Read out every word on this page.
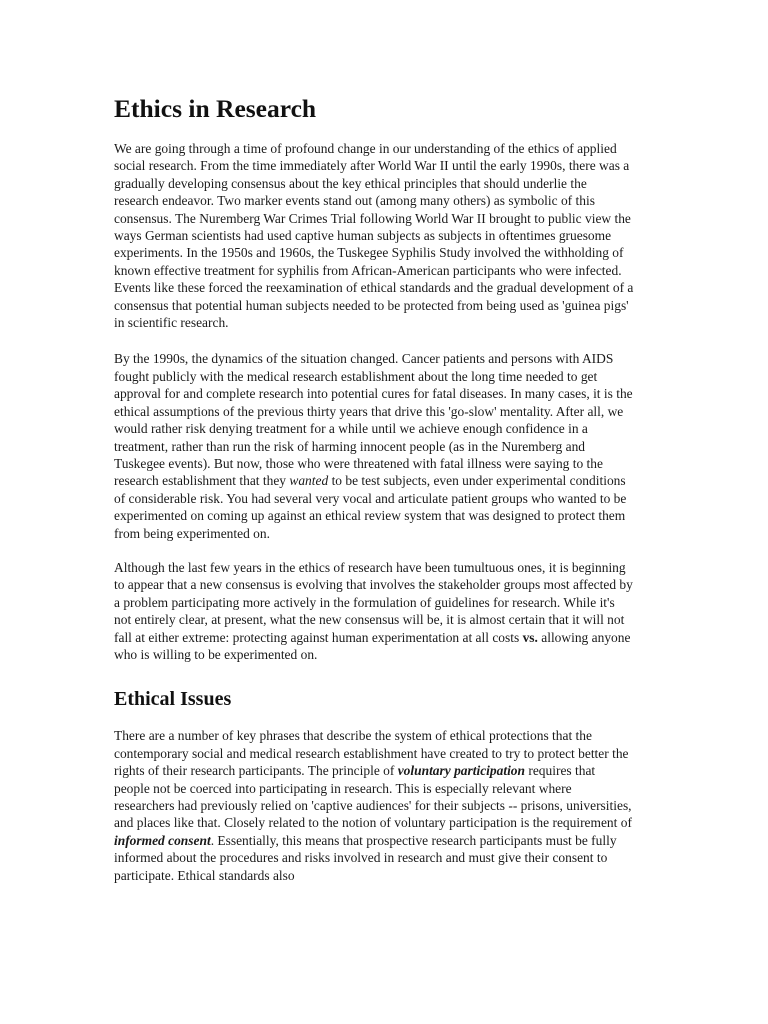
Ethics in Research

We are going through a time of profound change in our understanding of the ethics of applied social research. From the time immediately after World War II until the early 1990s, there was a gradually developing consensus about the key ethical principles that should underlie the research endeavor. Two marker events stand out (among many others) as symbolic of this consensus. The Nuremberg War Crimes Trial following World War II brought to public view the ways German scientists had used captive human subjects as subjects in oftentimes gruesome experiments. In the 1950s and 1960s, the Tuskegee Syphilis Study involved the withholding of known effective treatment for syphilis from African-American participants who were infected. Events like these forced the reexamination of ethical standards and the gradual development of a consensus that potential human subjects needed to be protected from being used as 'guinea pigs' in scientific research.

By the 1990s, the dynamics of the situation changed. Cancer patients and persons with AIDS fought publicly with the medical research establishment about the long time needed to get approval for and complete research into potential cures for fatal diseases. In many cases, it is the ethical assumptions of the previous thirty years that drive this 'go-slow' mentality. After all, we would rather risk denying treatment for a while until we achieve enough confidence in a treatment, rather than run the risk of harming innocent people (as in the Nuremberg and Tuskegee events). But now, those who were threatened with fatal illness were saying to the research establishment that they wanted to be test subjects, even under experimental conditions of considerable risk. You had several very vocal and articulate patient groups who wanted to be experimented on coming up against an ethical review system that was designed to protect them from being experimented on.

Although the last few years in the ethics of research have been tumultuous ones, it is beginning to appear that a new consensus is evolving that involves the stakeholder groups most affected by a problem participating more actively in the formulation of guidelines for research. While it's not entirely clear, at present, what the new consensus will be, it is almost certain that it will not fall at either extreme: protecting against human experimentation at all costs vs. allowing anyone who is willing to be experimented on.

Ethical Issues

There are a number of key phrases that describe the system of ethical protections that the contemporary social and medical research establishment have created to try to protect better the rights of their research participants. The principle of voluntary participation requires that people not be coerced into participating in research. This is especially relevant where researchers had previously relied on 'captive audiences' for their subjects -- prisons, universities, and places like that. Closely related to the notion of voluntary participation is the requirement of informed consent. Essentially, this means that prospective research participants must be fully informed about the procedures and risks involved in research and must give their consent to participate. Ethical standards also
